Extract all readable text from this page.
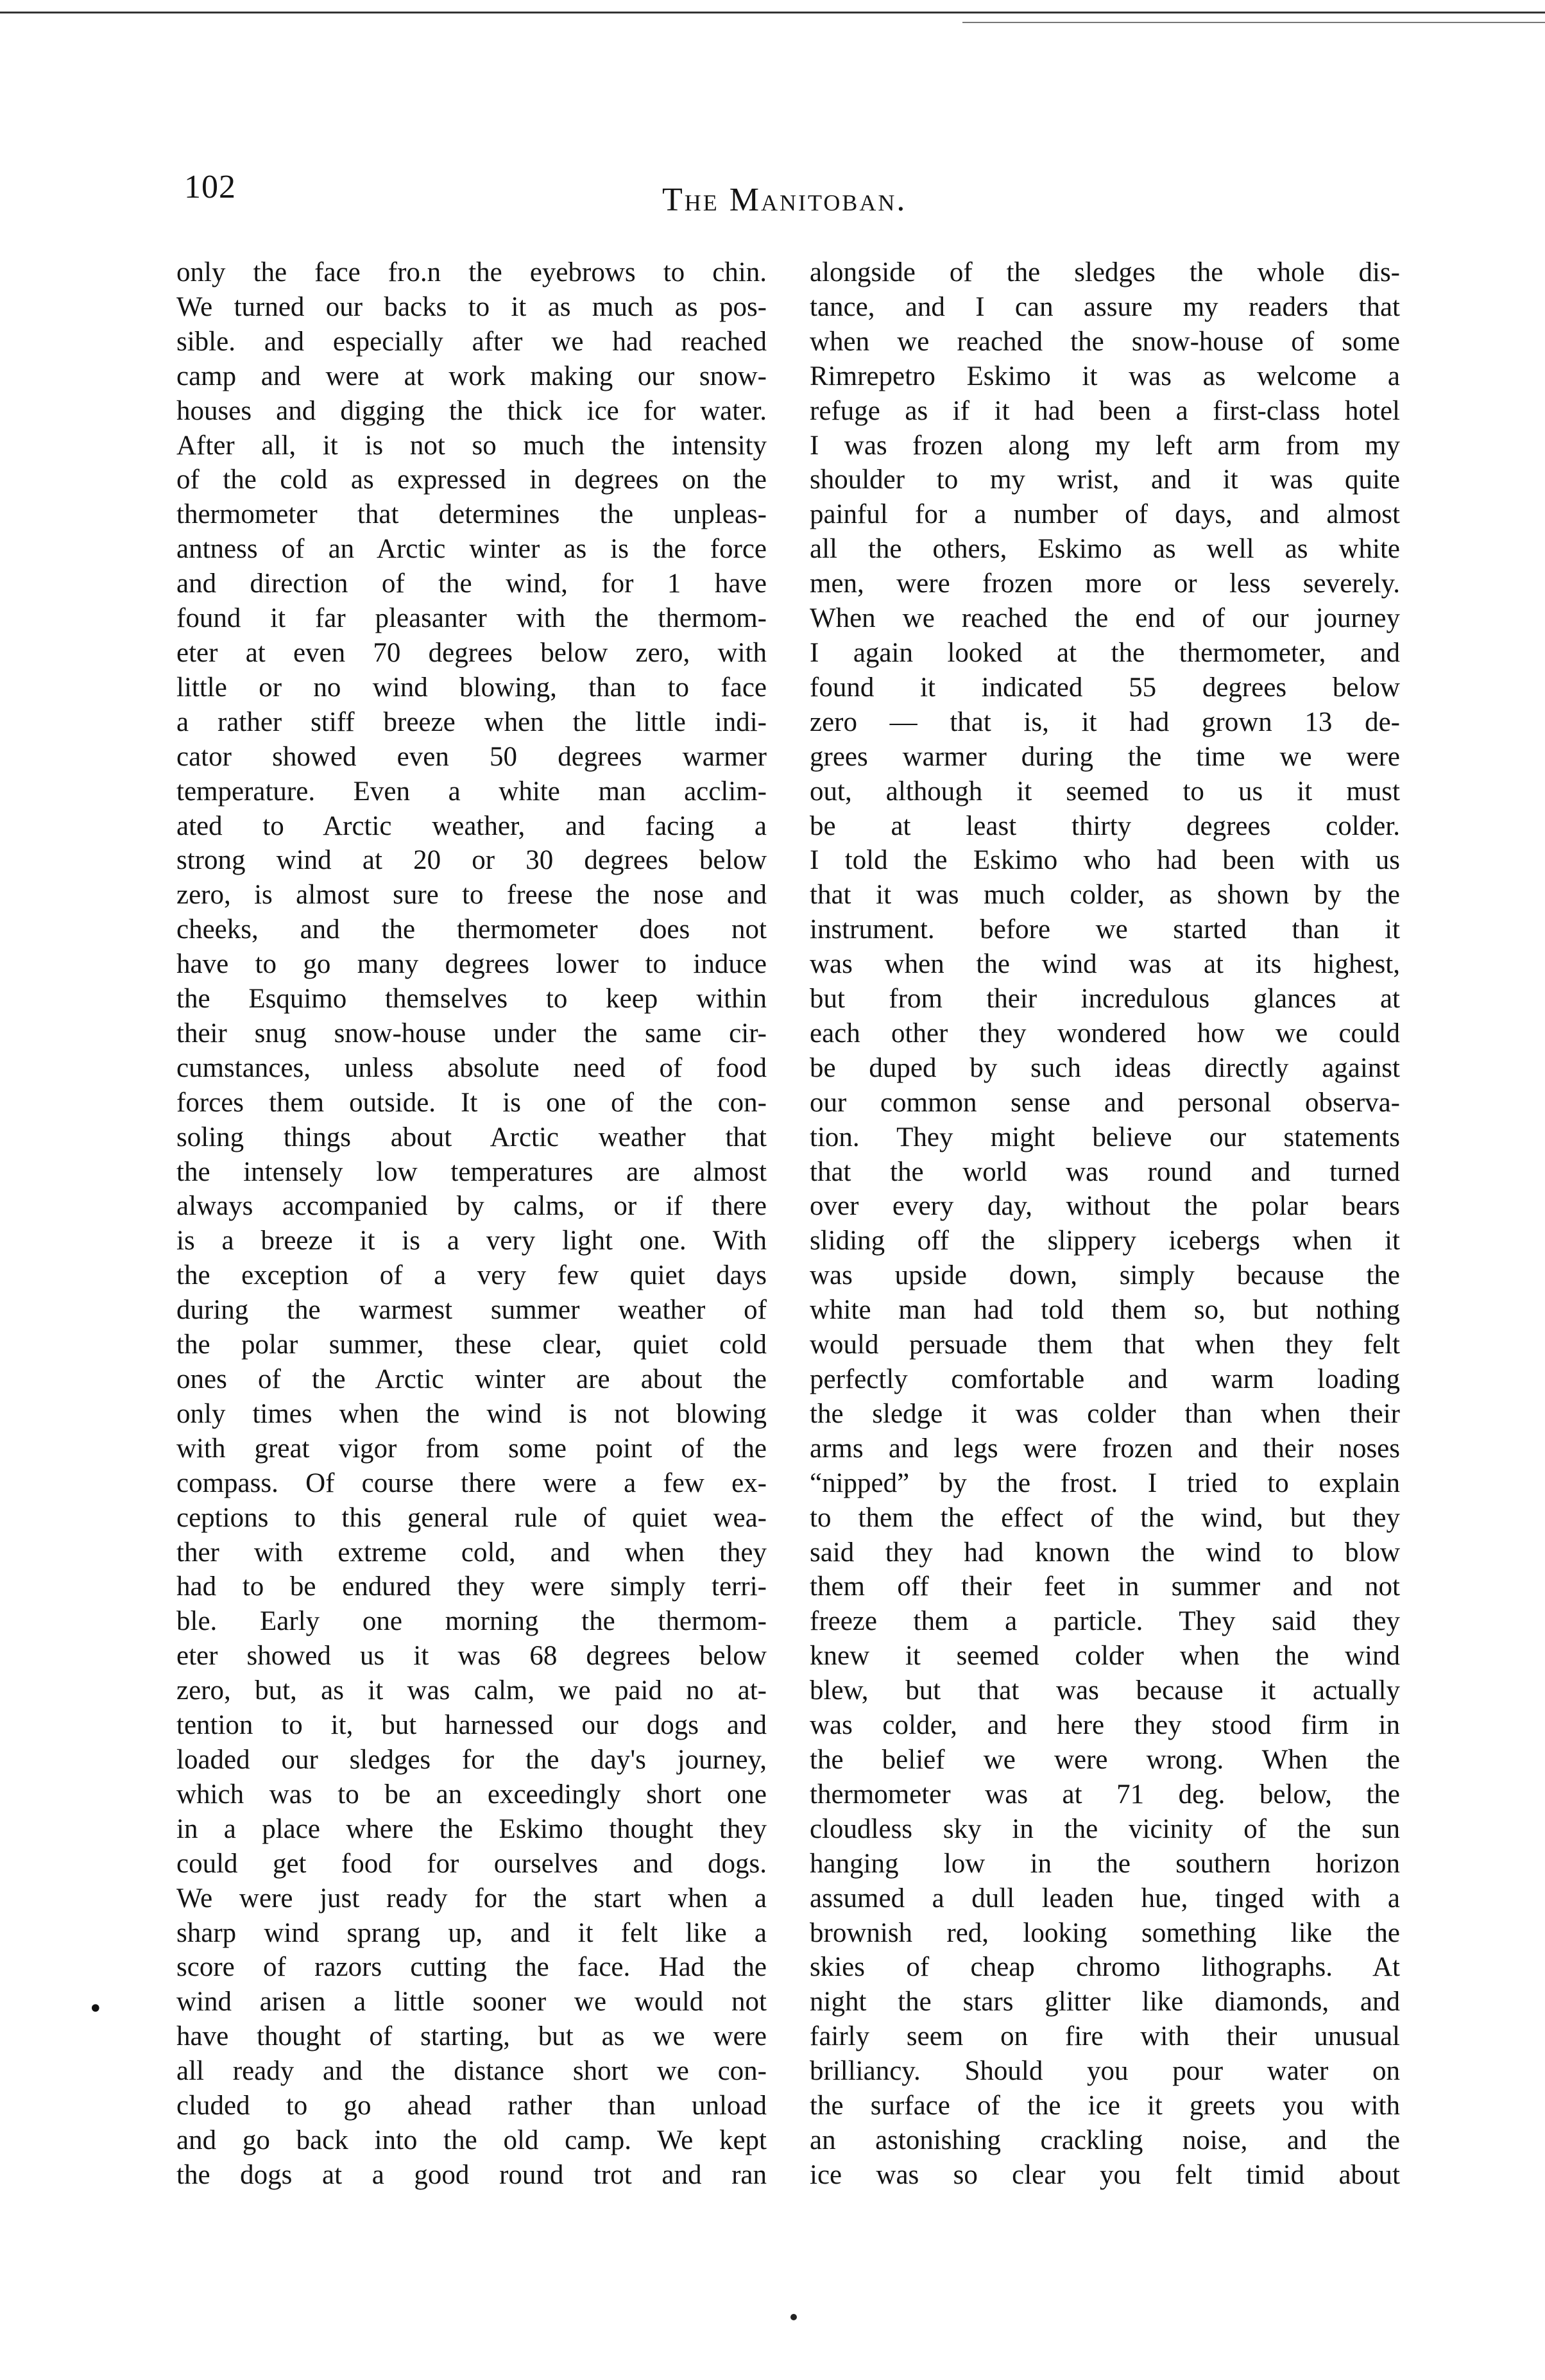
102	The Manitoban.
only the face fro.n the eyebrows to chin.
We turned our backs to it as much as pos-
sible. and especially after we had reached
camp and were at work making our snow-
houses and digging the thick ice for water.
After all, it is not so much the intensity
of the cold as expressed in degrees on the
thermometer that determines the unpleas-
antness of an Arctic winter as is the force
and direction of the wind, for 1 have
found it far pleasanter with the thermom-
eter at even 70 degrees below zero, with
little or no wind blowing, than to face
a rather stiff breeze when the little indi-
cator showed even 50 degrees warmer
temperature. Even a white man acclim-
ated to Arctic weather, and facing a
strong wind at 20 or 30 degrees below
zero, is almost sure to freese the nose and
cheeks, and the thermometer does not
have to go many degrees lower to induce
the Esquimo themselves to keep within
their snug snow-house under the same cir-
cumstances, unless absolute need of food
forces them outside. It is one of the con-
soling things about Arctic weather that
the intensely low temperatures are almost
always accompanied by calms, or if there
is a breeze it is a very light one. With
the exception of a very few quiet days
during the warmest summer weather of
the polar summer, these clear, quiet cold
ones of the Arctic winter are about the
only times when the wind is not blowing
with great vigor from some point of the
compass. Of course there were a few ex-
ceptions to this general rule of quiet wea-
ther with extreme cold, and when they
had to be endured they were simply terri-
ble. Early one morning the thermom-
eter showed us it was 68 degrees below
zero, but, as it was calm, we paid no at-
tention to it, but harnessed our dogs and
loaded our sledges for the day's journey,
which was to be an exceedingly short one
in a place where the Eskimo thought they
could get food for ourselves and dogs.
We were just ready for the start when a
sharp wind sprang up, and it felt like a
score of razors cutting the face. Had the
wind arisen a little sooner we would not
have thought of starting, but as we were
all ready and the distance short we con-
cluded to go ahead rather than unload
and go back into the old camp. We kept
the dogs at a good round trot and ran
alongside of the sledges the whole dis-
tance, and I can assure my readers that
when we reached the snow-house of some
Rimrepetro Eskimo it was as welcome a
refuge as if it had been a first-class hotel
I was frozen along my left arm from my
shoulder to my wrist, and it was quite
painful for a number of days, and almost
all the others, Eskimo as well as white
men, were frozen more or less severely.
When we reached the end of our journey
I again looked at the thermometer, and
found it indicated 55 degrees below
zero — that is, it had grown 13 de-
grees warmer during the time we were
out, although it seemed to us it must
be at least thirty degrees colder.
I told the Eskimo who had been with us
that it was much colder, as shown by the
instrument. before we started than it
was when the wind was at its highest,
but from their incredulous glances at
each other they wondered how we could
be duped by such ideas directly against
our common sense and personal observa-
tion. They might believe our statements
that the world was round and turned
over every day, without the polar bears
sliding off the slippery icebergs when it
was upside down, simply because the
white man had told them so, but nothing
would persuade them that when they felt
perfectly comfortable and warm loading
the sledge it was colder than when their
arms and legs were frozen and their noses
“nipped” by the frost. I tried to explain
to them the effect of the wind, but they
said they had known the wind to blow
them off their feet in summer and not
freeze them a particle. They said they
knew it seemed colder when the wind
blew, but that was because it actually
was colder, and here they stood firm in
the belief we were wrong. When the
thermometer was at 71 deg. below, the
cloudless sky in the vicinity of the sun
hanging low in the southern horizon
assumed a dull leaden hue, tinged with a
brownish red, looking something like the
skies of cheap chromo lithographs. At
night the stars glitter like diamonds, and
fairly seem on fire with their unusual
brilliancy. Should you pour water on
the surface of the ice it greets you with
an astonishing crackling noise, and the
ice was so clear you felt timid about
•
